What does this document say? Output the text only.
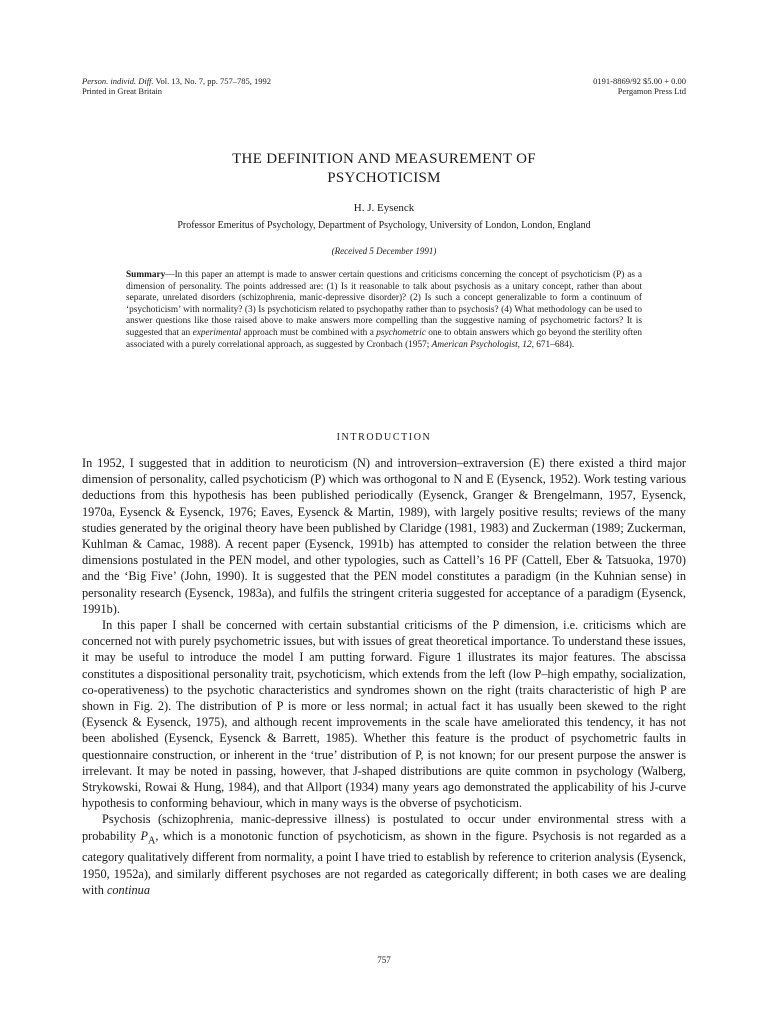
Person. individ. Diff. Vol. 13, No. 7, pp. 757–785, 1992
Printed in Great Britain
0191-8869/92 $5.00 + 0.00
Pergamon Press Ltd
THE DEFINITION AND MEASUREMENT OF
PSYCHOTICISM
H. J. Eysenck
Professor Emeritus of Psychology, Department of Psychology, University of London, London, England
(Received 5 December 1991)
Summary—In this paper an attempt is made to answer certain questions and criticisms concerning the concept of psychoticism (P) as a dimension of personality. The points addressed are: (1) Is it reasonable to talk about psychosis as a unitary concept, rather than about separate, unrelated disorders (schizophrenia, manic-depressive disorder)? (2) Is such a concept generalizable to form a continuum of ‘psychoticism’ with normality? (3) Is psychoticism related to psychopathy rather than to psychosis? (4) What methodology can be used to answer questions like those raised above to make answers more compelling than the suggestive naming of psychometric factors? It is suggested that an experimental approach must be combined with a psychometric one to obtain answers which go beyond the sterility often associated with a purely correlational approach, as suggested by Cronbach (1957; American Psychologist, 12, 671–684).
INTRODUCTION

In 1952, I suggested that in addition to neuroticism (N) and introversion–extraversion (E) there existed a third major dimension of personality, called psychoticism (P) which was orthogonal to N and E (Eysenck, 1952). Work testing various deductions from this hypothesis has been published periodically (Eysenck, Granger & Brengelmann, 1957, Eysenck, 1970a, Eysenck & Eysenck, 1976; Eaves, Eysenck & Martin, 1989), with largely positive results; reviews of the many studies generated by the original theory have been published by Claridge (1981, 1983) and Zuckerman (1989; Zuckerman, Kuhlman & Camac, 1988). A recent paper (Eysenck, 1991b) has attempted to consider the relation between the three dimensions postulated in the PEN model, and other typologies, such as Cattell’s 16 PF (Cattell, Eber & Tatsuoka, 1970) and the ‘Big Five’ (John, 1990). It is suggested that the PEN model constitutes a paradigm (in the Kuhnian sense) in personality research (Eysenck, 1983a), and fulfils the stringent criteria suggested for acceptance of a paradigm (Eysenck, 1991b).

In this paper I shall be concerned with certain substantial criticisms of the P dimension, i.e. criticisms which are concerned not with purely psychometric issues, but with issues of great theoretical importance. To understand these issues, it may be useful to introduce the model I am putting forward. Figure 1 illustrates its major features. The abscissa constitutes a dispositional personality trait, psychoticism, which extends from the left (low P–high empathy, socialization, co-operativeness) to the psychotic characteristics and syndromes shown on the right (traits characteristic of high P are shown in Fig. 2). The distribution of P is more or less normal; in actual fact it has usually been skewed to the right (Eysenck & Eysenck, 1975), and although recent improvements in the scale have ameliorated this tendency, it has not been abolished (Eysenck, Eysenck & Barrett, 1985). Whether this feature is the product of psychometric faults in questionnaire construction, or inherent in the ‘true’ distribution of P, is not known; for our present purpose the answer is irrelevant. It may be noted in passing, however, that J-shaped distributions are quite common in psychology (Walberg, Strykowski, Rowai & Hung, 1984), and that Allport (1934) many years ago demonstrated the applicability of his J-curve hypothesis to conforming behaviour, which in many ways is the obverse of psychoticism.

Psychosis (schizophrenia, manic-depressive illness) is postulated to occur under environmental stress with a probability $P_A$, which is a monotonic function of psychoticism, as shown in the figure. Psychosis is not regarded as a category qualitatively different from normality, a point I have tried to establish by reference to criterion analysis (Eysenck, 1950, 1952a), and similarly different psychoses are not regarded as categorically different; in both cases we are dealing with continua

757
